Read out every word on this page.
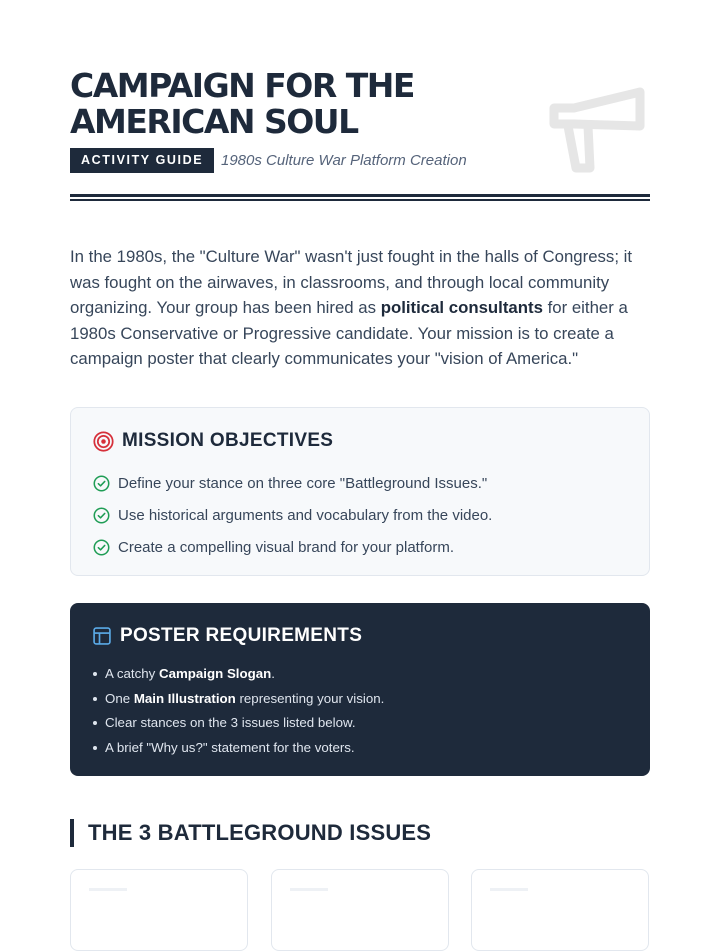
CAMPAIGN FOR THE AMERICAN SOUL
ACTIVITY GUIDE	1980s Culture War Platform Creation

In the 1980s, the "Culture War" wasn't just fought in the halls of Congress; it was fought on the airwaves, in classrooms, and through local community organizing. Your group has been hired as political consultants for either a 1980s Conservative or Progressive candidate. Your mission is to create a campaign poster that clearly communicates your "vision of America."

MISSION OBJECTIVES
Define your stance on three core "Battleground Issues."
Use historical arguments and vocabulary from the video.
Create a compelling visual brand for your platform.
POSTER REQUIREMENTS
A catchy Campaign Slogan.
One Main Illustration representing your vision.
Clear stances on the 3 issues listed below.
A brief "Why us?" statement for the voters.
THE 3 BATTLEGROUND ISSUES
